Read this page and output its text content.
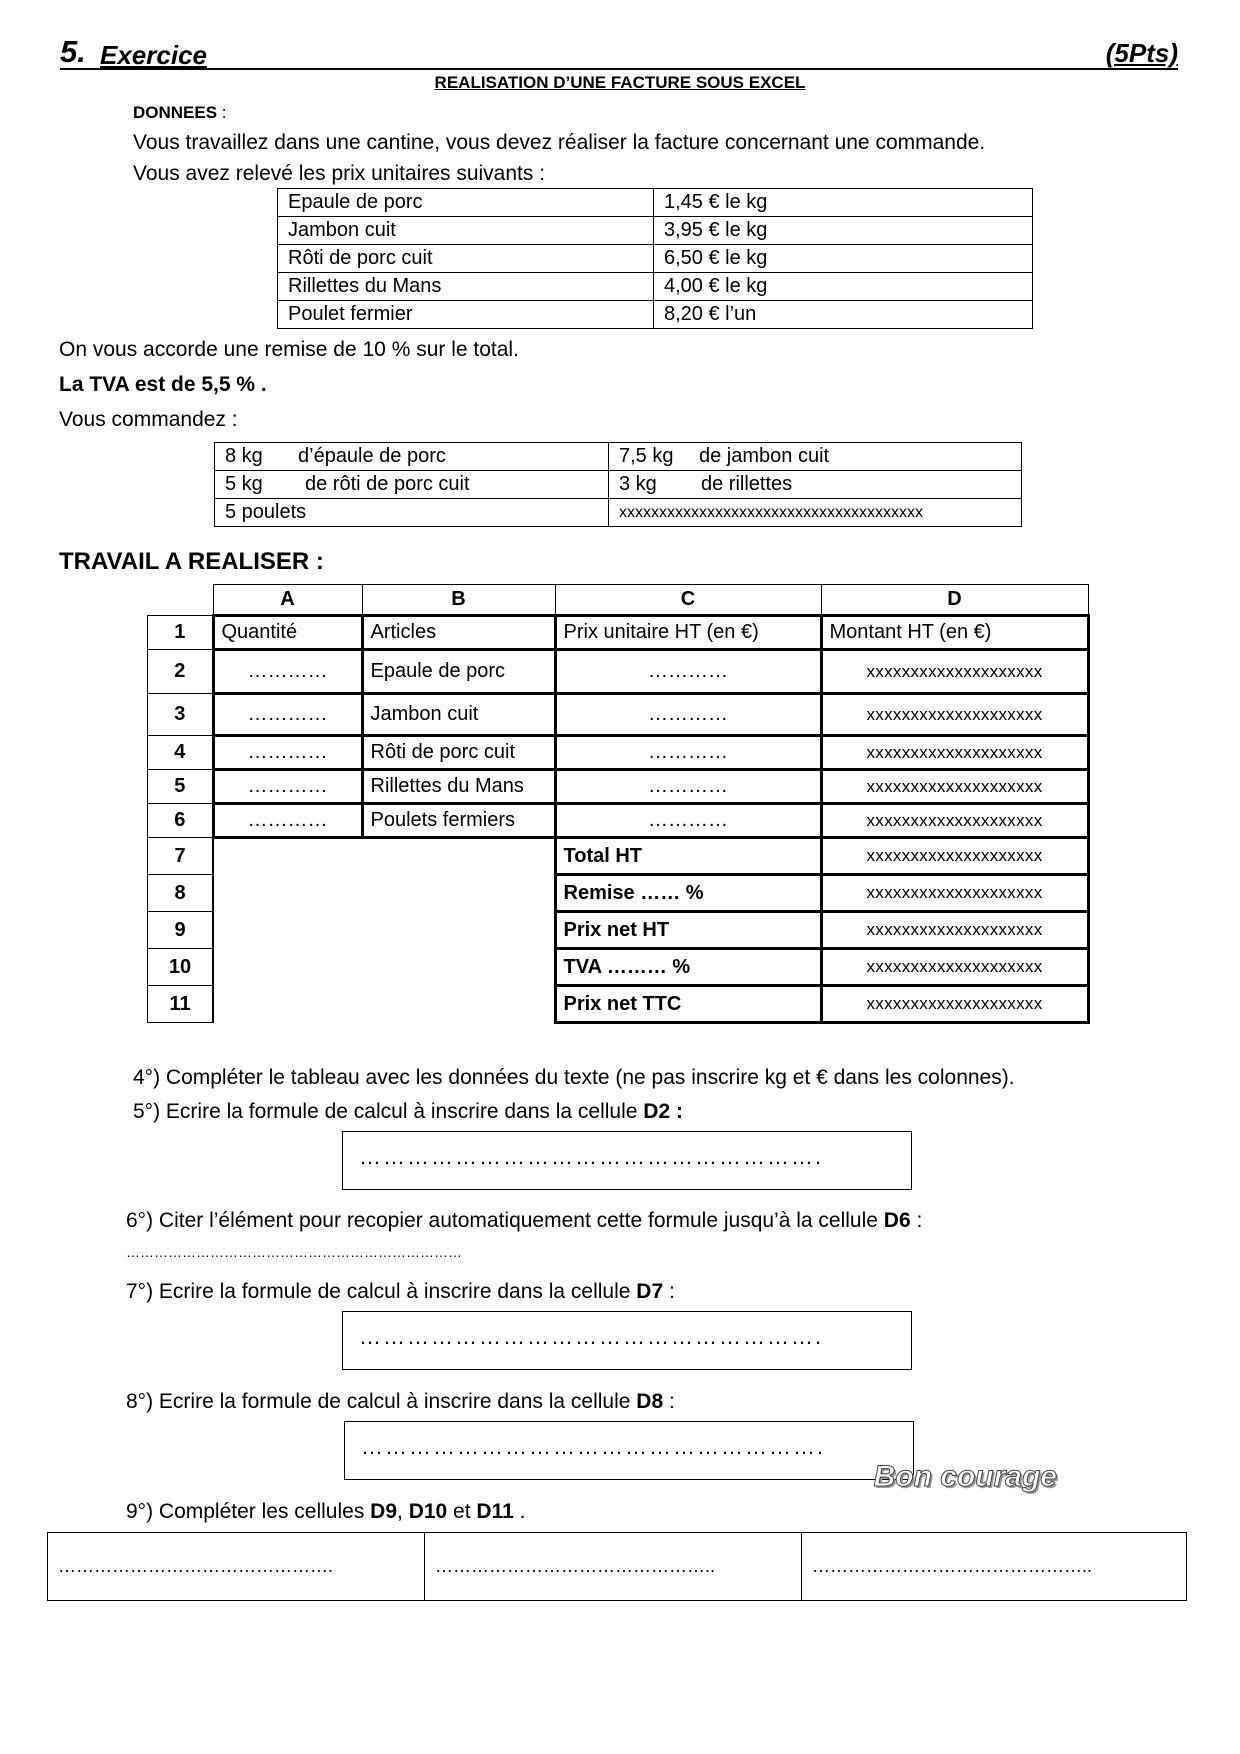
5. Exercice	(5Pts)
REALISATION D’UNE FACTURE SOUS EXCEL
DONNEES :
Vous travaillez dans une cantine, vous devez réaliser la facture concernant une commande.
Vous avez relevé les prix unitaires suivants :
Epaule de porc	1,45 € le kg
Jambon cuit	3,95 € le kg
Rôti de porc cuit	6,50 € le kg
Rillettes du Mans	4,00 € le kg
Poulet fermier	8,20 € l’un
On vous accorde une remise de 10 % sur le total.
La TVA est de 5,5 % .
Vous commandez :
8 kg d’épaule de porc	7,5 kg de jambon cuit
5 kg de rôti de porc cuit	3 kg de rillettes
5 poulets	xxxxxxxxxxxxxxxxxxxxxxxxxxxxxxxxxxxxxx
TRAVAIL A REALISER :
	A	B	C	D
1	Quantité	Articles	Prix unitaire HT (en €)	Montant HT (en €)
2	…………	Epaule de porc	…………	xxxxxxxxxxxxxxxxxxxx
3	…………	Jambon cuit	…………	xxxxxxxxxxxxxxxxxxxx
4	…………	Rôti de porc cuit	…………	xxxxxxxxxxxxxxxxxxxx
5	…………	Rillettes du Mans	…………	xxxxxxxxxxxxxxxxxxxx
6	…………	Poulets fermiers	…………	xxxxxxxxxxxxxxxxxxxx
7			Total HT	xxxxxxxxxxxxxxxxxxxx
8			Remise …… %	xxxxxxxxxxxxxxxxxxxx
9			Prix net HT	xxxxxxxxxxxxxxxxxxxx
10			TVA ……… %	xxxxxxxxxxxxxxxxxxxx
11			Prix net TTC	xxxxxxxxxxxxxxxxxxxx
4°) Compléter le tableau avec les données du texte (ne pas inscrire kg et € dans les colonnes).
5°) Ecrire la formule de calcul à inscrire dans la cellule D2 :
………………………………………………….
6°) Citer l’élément pour recopier automatiquement cette formule jusqu’à la cellule D6 :
………………………………………………………………
7°) Ecrire la formule de calcul à inscrire dans la cellule D7 :
………………………………………………….
8°) Ecrire la formule de calcul à inscrire dans la cellule D8 :
………………………………………………….
9°) Compléter les cellules D9, D10 et D11 .
……………………………………….	………………………………………..	………………………………………..
Bon courage
